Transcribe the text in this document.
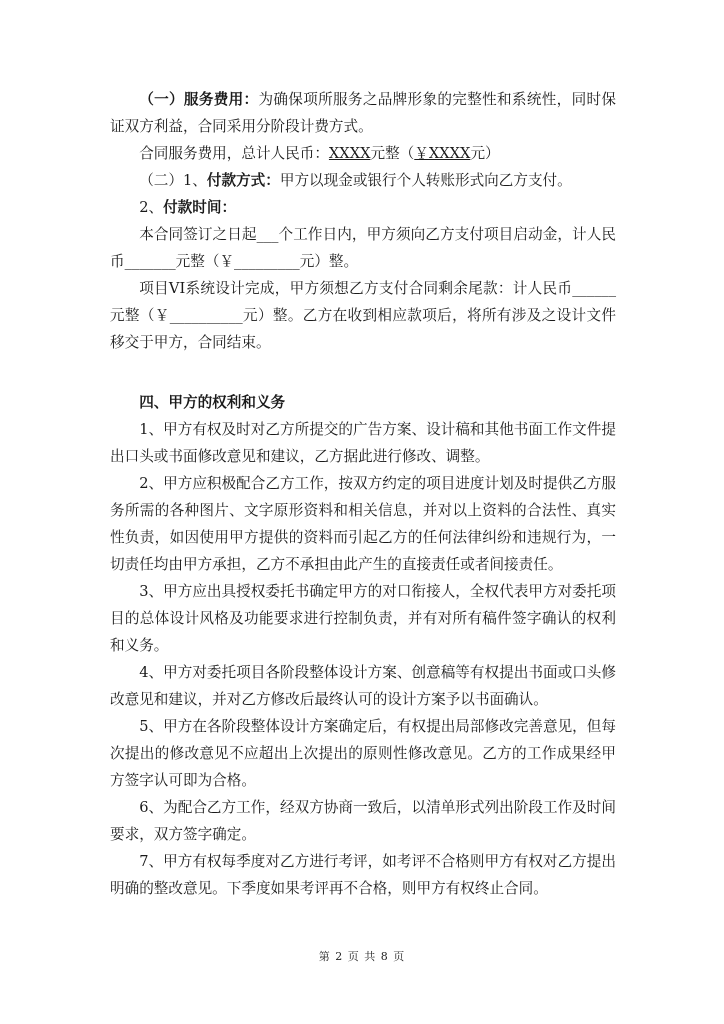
（一）服务费用：为确保项所服务之品牌形象的完整性和系统性，同时保证双方利益，合同采用分阶段计费方式。

合同服务费用，总计人民币：XXXX元整（￥XXXX元）

（二）1、付款方式：甲方以现金或银行个人转账形式向乙方支付。

2、付款时间：

本合同签订之日起___个工作日内，甲方须向乙方支付项目启动金，计人民币_______元整（￥_________元）整。

项目VI系统设计完成，甲方须想乙方支付合同剩余尾款：计人民币______元整（￥__________元）整。乙方在收到相应款项后，将所有涉及之设计文件移交于甲方，合同结束。

四、甲方的权利和义务

1、甲方有权及时对乙方所提交的广告方案、设计稿和其他书面工作文件提出口头或书面修改意见和建议，乙方据此进行修改、调整。

2、甲方应积极配合乙方工作，按双方约定的项目进度计划及时提供乙方服务所需的各种图片、文字原形资料和相关信息，并对以上资料的合法性、真实性负责，如因使用甲方提供的资料而引起乙方的任何法律纠纷和违规行为，一切责任均由甲方承担，乙方不承担由此产生的直接责任或者间接责任。

3、甲方应出具授权委托书确定甲方的对口衔接人，全权代表甲方对委托项目的总体设计风格及功能要求进行控制负责，并有对所有稿件签字确认的权利和义务。

4、甲方对委托项目各阶段整体设计方案、创意稿等有权提出书面或口头修改意见和建议，并对乙方修改后最终认可的设计方案予以书面确认。

5、甲方在各阶段整体设计方案确定后，有权提出局部修改完善意见，但每次提出的修改意见不应超出上次提出的原则性修改意见。乙方的工作成果经甲方签字认可即为合格。

6、为配合乙方工作，经双方协商一致后，以清单形式列出阶段工作及时间要求，双方签字确定。

7、甲方有权每季度对乙方进行考评，如考评不合格则甲方有权对乙方提出明确的整改意见。下季度如果考评再不合格，则甲方有权终止合同。

第 2 页 共 8 页
